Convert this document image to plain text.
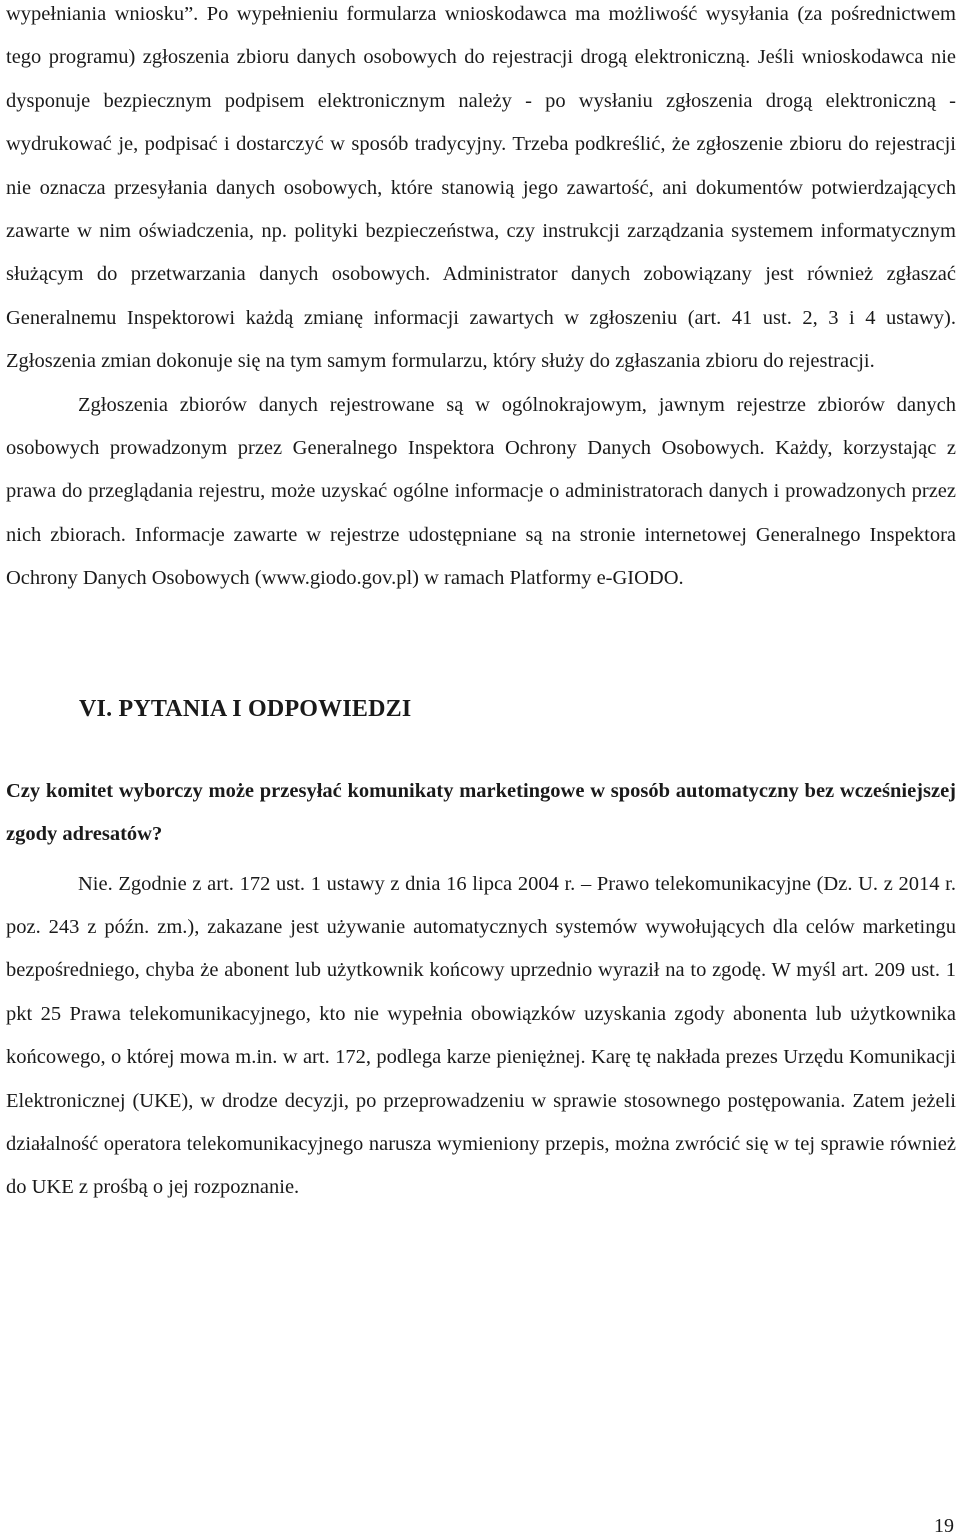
wypełniania wniosku”. Po wypełnieniu formularza wnioskodawca ma możliwość wysyłania (za pośrednictwem tego programu) zgłoszenia zbioru danych osobowych do rejestracji drogą elektroniczną. Jeśli wnioskodawca nie dysponuje bezpiecznym podpisem elektronicznym należy - po wysłaniu zgłoszenia drogą elektroniczną - wydrukować je, podpisać i dostarczyć w sposób tradycyjny. Trzeba podkreślić, że zgłoszenie zbioru do rejestracji nie oznacza przesyłania danych osobowych, które stanowią jego zawartość, ani dokumentów potwierdzających zawarte w nim oświadczenia, np. polityki bezpieczeństwa, czy instrukcji zarządzania systemem informatycznym służącym do przetwarzania danych osobowych. Administrator danych zobowiązany jest również zgłaszać Generalnemu Inspektorowi każdą zmianę informacji zawartych w zgłoszeniu (art. 41 ust. 2, 3 i 4 ustawy). Zgłoszenia zmian dokonuje się na tym samym formularzu, który służy do zgłaszania zbioru do rejestracji.

Zgłoszenia zbiorów danych rejestrowane są w ogólnokrajowym, jawnym rejestrze zbiorów danych osobowych prowadzonym przez Generalnego Inspektora Ochrony Danych Osobowych. Każdy, korzystając z prawa do przeglądania rejestru, może uzyskać ogólne informacje o administratorach danych i prowadzonych przez nich zbiorach. Informacje zawarte w rejestrze udostępniane są na stronie internetowej Generalnego Inspektora Ochrony Danych Osobowych (www.giodo.gov.pl) w ramach Platformy e-GIODO.

VI. PYTANIA I ODPOWIEDZI

Czy komitet wyborczy może przesyłać komunikaty marketingowe w sposób automatyczny bez wcześniejszej zgody adresatów?

Nie. Zgodnie z art. 172 ust. 1 ustawy z dnia 16 lipca 2004 r. – Prawo telekomunikacyjne (Dz. U. z 2014 r. poz. 243 z późn. zm.), zakazane jest używanie automatycznych systemów wywołujących dla celów marketingu bezpośredniego, chyba że abonent lub użytkownik końcowy uprzednio wyraził na to zgodę. W myśl art. 209 ust. 1 pkt 25 Prawa telekomunikacyjnego, kto nie wypełnia obowiązków uzyskania zgody abonenta lub użytkownika końcowego, o której mowa m.in. w art. 172, podlega karze pieniężnej. Karę tę nakłada prezes Urzędu Komunikacji Elektronicznej (UKE), w drodze decyzji, po przeprowadzeniu w sprawie stosownego postępowania. Zatem jeżeli działalność operatora telekomunikacyjnego narusza wymieniony przepis, można zwrócić się w tej sprawie również do UKE z prośbą o jej rozpoznanie.

19
